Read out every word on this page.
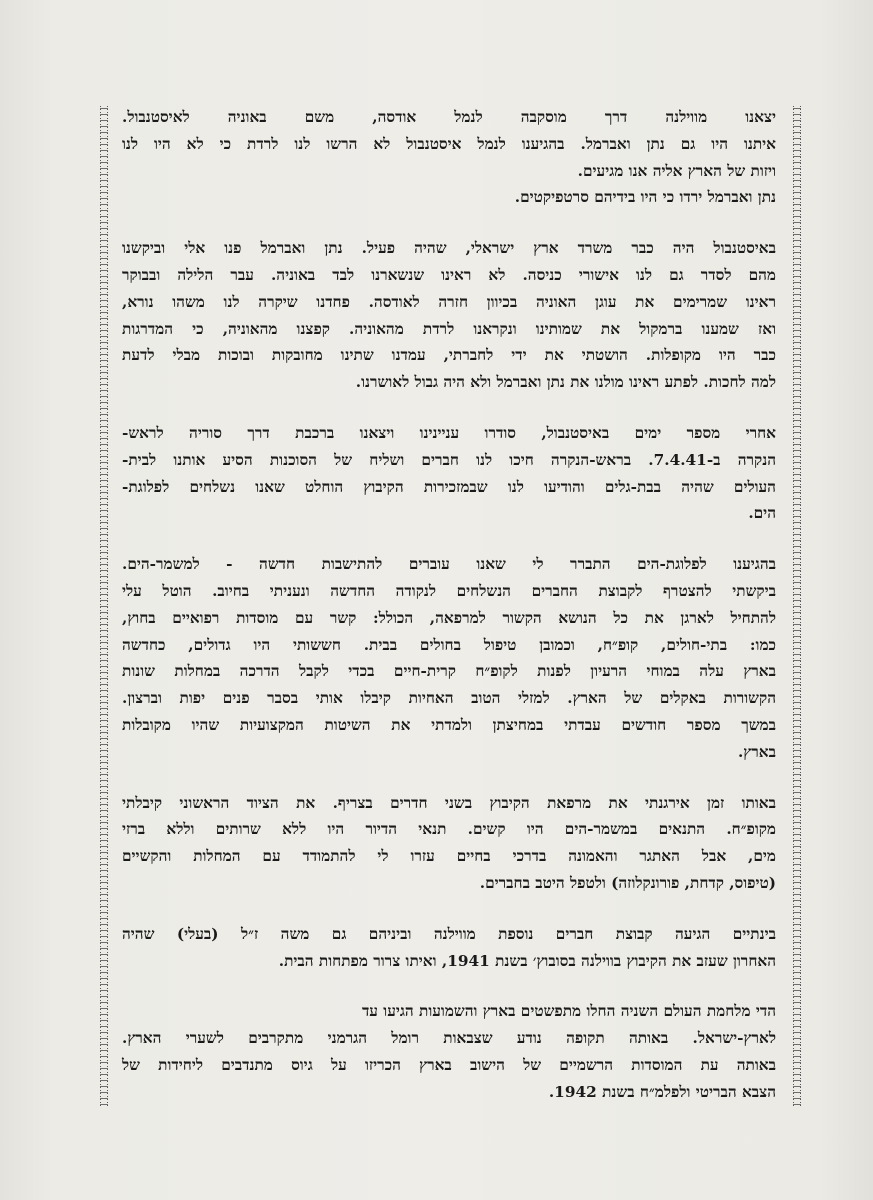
יצאנו מווילנה דרך מוסקבה לנמל אודסה, משם באוניה לאיסטנבול.
איתנו היו גם נתן ואברמל. בהגיענו לנמל איסטנבול לא הרשו לנו לרדת כי לא היו לנו
ויזות של הארץ אליה אנו מגיעים.
נתן ואברמל ירדו כי היו בידיהם סרטפיקטים.

באיסטנבול היה כבר משרד ארץ ישראלי, שהיה פעיל. נתן ואברמל פנו אלי וביקשנו
מהם לסדר גם לנו אישורי כניסה. לא ראינו שנשארנו לבד באוניה. עבר הלילה ובבוקר
ראינו שמרימים את עוגן האוניה בכיוון חזרה לאודסה. פחדנו שיקרה לנו משהו נורא,
ואז שמענו ברמקול את שמותינו ונקראנו לרדת מהאוניה. קפצנו מהאוניה, כי המדרגות
כבר היו מקופלות. הושטתי את ידי לחברתי, עמדנו שתינו מחובקות ובוכות מבלי לדעת
למה לחכות. לפתע ראינו מולנו את נתן ואברמל ולא היה גבול לאושרנו.

אחרי מספר ימים באיסטנבול, סודרו עניינינו ויצאנו ברכבת דרך סוריה לראש-
הנקרה ב-7.4.41. בראש-הנקרה חיכו לנו חברים ושליח של הסוכנות הסיע אותנו לבית-
העולים שהיה בבת-גלים והודיעו לנו שבמזכירות הקיבוץ הוחלט שאנו נשלחים לפלוגת-
הים.

בהגיענו לפלוגת-הים התברר לי שאנו עוברים להתישבות חדשה - למשמר-הים.
ביקשתי להצטרף לקבוצת החברים הנשלחים לנקודה החדשה ונעניתי בחיוב. הוטל עלי
להתחיל לארגן את כל הנושא הקשור למרפאה, הכולל: קשר עם מוסדות רפואיים בחוץ,
כמו: בתי-חולים, קופ״ח, וכמובן טיפול בחולים בבית. חששותי היו גדולים, כחדשה
בארץ עלה במוחי הרעיון לפנות לקופ״ח קרית-חיים בכדי לקבל הדרכה במחלות שונות
הקשורות באקלים של הארץ. למזלי הטוב האחיות קיבלו אותי בסבר פנים יפות וברצון.
במשך מספר חודשים עבדתי במחיצתן ולמדתי את השיטות המקצועיות שהיו מקובלות
בארץ.

באותו זמן אירגנתי את מרפאת הקיבוץ בשני חדרים בצריף. את הציוד הראשוני קיבלתי
מקופ״ח. התנאים במשמר-הים היו קשים. תנאי הדיור היו ללא שרותים וללא ברזי
מים, אבל האתגר והאמונה בדרכי בחיים עזרו לי להתמודד עם המחלות והקשיים
(טיפוס, קדחת, פורונקלוזה) ולטפל היטב בחברים.

בינתיים הגיעה קבוצת חברים נוספת מווילנה וביניהם גם משה ז״ל (בעלי) שהיה
האחרון שעזב את הקיבוץ בווילנה בסובוץ׳ בשנת 1941, ואיתו צרור מפתחות הבית.

הדי מלחמת העולם השניה החלו מתפשטים בארץ והשמועות הגיעו עד
לארץ-ישראל. באותה תקופה נודע שצבאות רומל הגרמני מתקרבים לשערי הארץ.
באותה עת המוסדות הרשמיים של הישוב בארץ הכריזו על גיוס מתנדבים ליחידות של
הצבא הבריטי ולפלמ״ח בשנת 1942.
